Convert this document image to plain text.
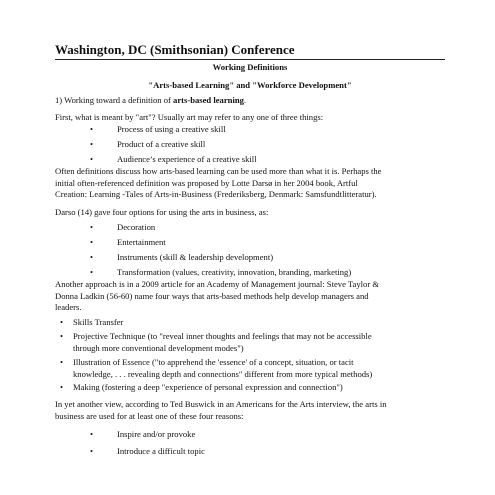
Washington, DC (Smithsonian) Conference
Working Definitions
"Arts-based Learning" and "Workforce Development"
1) Working toward a definition of arts-based learning.
First, what is meant by "art"? Usually art may refer to any one of three things:
•	Process of using a creative skill
•	Product of a creative skill
•	Audience’s experience of a creative skill
Often definitions discuss how arts-based learning can be used more than what it is. Perhaps the
initial often-referenced definition was proposed by Lotte Darsø in her 2004 book, Artful
Creation: Learning -Tales of Arts-in-Business (Frederiksberg, Denmark: Samsfundtlitteratur).
Darso (14) gave four options for using the arts in business, as:
•	Decoration
•	Entertainment
•	Instruments (skill & leadership development)
•	Transformation (values, creativity, innovation, branding, marketing)
Another approach is in a 2009 article for an Academy of Management journal: Steve Taylor &
Donna Ladkin (56-60) name four ways that arts-based methods help develop managers and
leaders.
• Skills Transfer
• Projective Technique (to "reveal inner thoughts and feelings that may not be accessible
through more conventional development modes")
• Illustration of Essence ("to apprehend the 'essence' of a concept, situation, or tacit
knowledge, . . . revealing depth and connections" different from more typical methods)
• Making (fostering a deep "experience of personal expression and connection")
In yet another view, according to Ted Buswick in an Americans for the Arts interview, the arts in
business are used for at least one of these four reasons:
•	Inspire and/or provoke
•	Introduce a difficult topic
